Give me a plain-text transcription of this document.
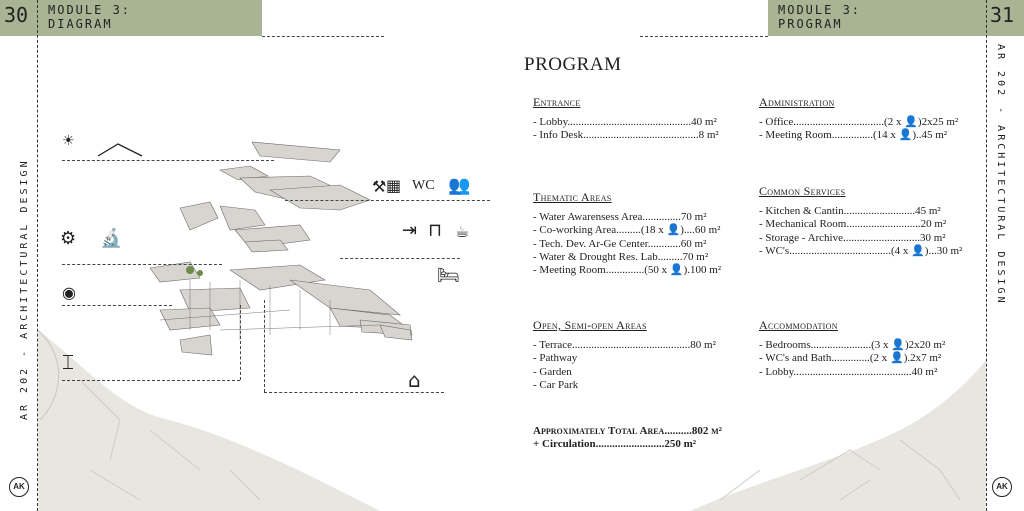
30 MODULE 3:
DIAGRAM
MODULE 3:
PROGRAM	31
AR 202 - ARCHITECTURAL DESIGN	AR 202 - ARCHITECTURAL DESIGN
AK	AK
☀
⚒ ▦ WC 👥
⚙ 🔬	⇥ ⊓ ☕
🛏
◉
⌶
⌂
PROGRAM
Entrance
- Lobby.............................................40 m²
- Info Desk..........................................8 m²
Thematic Areas
- Water Awarensess Area..............70 m²
- Co-working Area.........(18 x 👤)....60 m²
- Tech. Dev. Ar-Ge Center............60 m²
- Water & Drought Res. Lab.........70 m²
- Meeting Room..............(50 x 👤).100 m²
Open, Semi-open Areas
- Terrace...........................................80 m²
- Pathway
- Garden
- Car Park
Administration
- Office.................................(2 x 👤)2x25 m²
- Meeting Room...............(14 x 👤)..45 m²
Common Services
- Kitchen & Cantin..........................45 m²
- Mechanical Room...........................20 m²
- Storage - Archive............................30 m²
- WC's.....................................(4 x 👤)...30 m²
Accommodation
- Bedrooms......................(3 x 👤)2x20 m²
- WC's and Bath..............(2 x 👤).2x7 m²
- Lobby...........................................40 m²
Approximately Total Area..........802 m²
+ Circulation.........................250 m²
